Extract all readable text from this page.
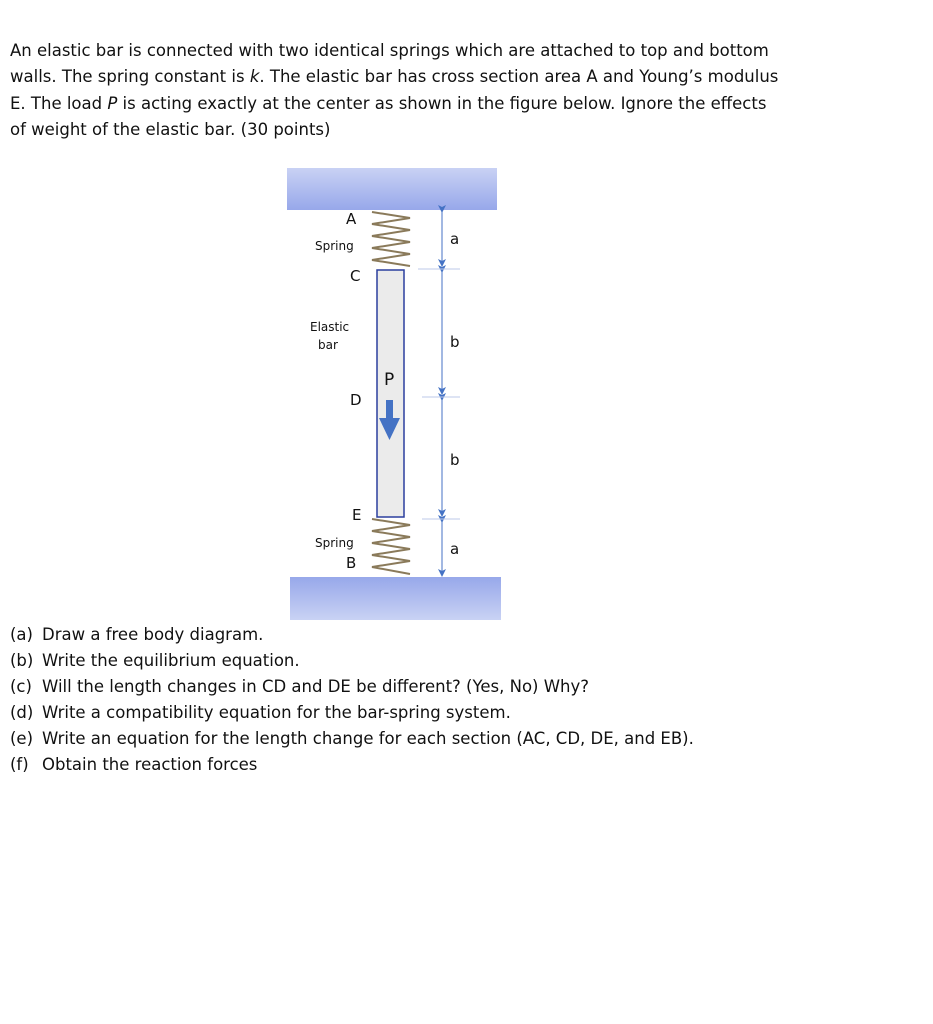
An elastic bar is connected with two identical springs which are attached to top and bottom

walls. The spring constant is k. The elastic bar has cross section area A and Young’s modulus

E. The load P is acting exactly at the center as shown in the figure below. Ignore the effects

of weight of the elastic bar. (30 points)

A
Spring
C
Elastic
bar
P
D
E
Spring
B
a
b
b
a
(a) Draw a free body diagram.
(b) Write the equilibrium equation.
(c) Will the length changes in CD and DE be different? (Yes, No) Why?
(d) Write a compatibility equation for the bar-spring system.
(e) Write an equation for the length change for each section (AC, CD, DE, and EB).
(f) Obtain the reaction forces
